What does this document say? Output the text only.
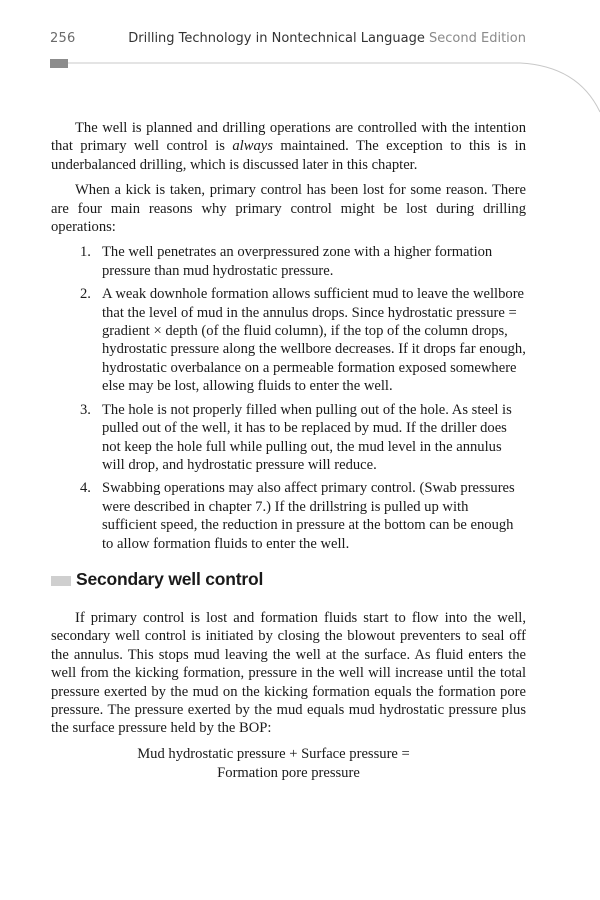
256	Drilling Technology in Nontechnical Language Second Edition

The well is planned and drilling operations are controlled with the intention that primary well control is always maintained. The exception to this is in underbalanced drilling, which is discussed later in this chapter.

When a kick is taken, primary control has been lost for some reason. There are four main reasons why primary control might be lost during drilling operations:

1. The well penetrates an overpressured zone with a higher formation pressure than mud hydrostatic pressure.
2. A weak downhole formation allows sufficient mud to leave the wellbore that the level of mud in the annulus drops. Since hydrostatic pressure = gradient × depth (of the fluid column), if the top of the column drops, hydrostatic pressure along the wellbore decreases. If it drops far enough, hydrostatic overbalance on a permeable formation exposed somewhere else may be lost, allowing fluids to enter the well.
3. The hole is not properly filled when pulling out of the hole. As steel is pulled out of the well, it has to be replaced by mud. If the driller does not keep the hole full while pulling out, the mud level in the annulus will drop, and hydrostatic pressure will reduce.
4. Swabbing operations may also affect primary control. (Swab pressures were described in chapter 7.) If the drillstring is pulled up with sufficient speed, the reduction in pressure at the bottom can be enough to allow formation fluids to enter the well.
Secondary well control

If primary control is lost and formation fluids start to flow into the well, secondary well control is initiated by closing the blowout preventers to seal off the annulus. This stops mud leaving the well at the surface. As fluid enters the well from the kicking formation, pressure in the well will increase until the total pressure exerted by the mud on the kicking formation equals the formation pore pressure. The pressure exerted by the mud equals mud hydrostatic pressure plus the surface pressure held by the BOP:

Mud hydrostatic pressure + Surface pressure =
Formation pore pressure
